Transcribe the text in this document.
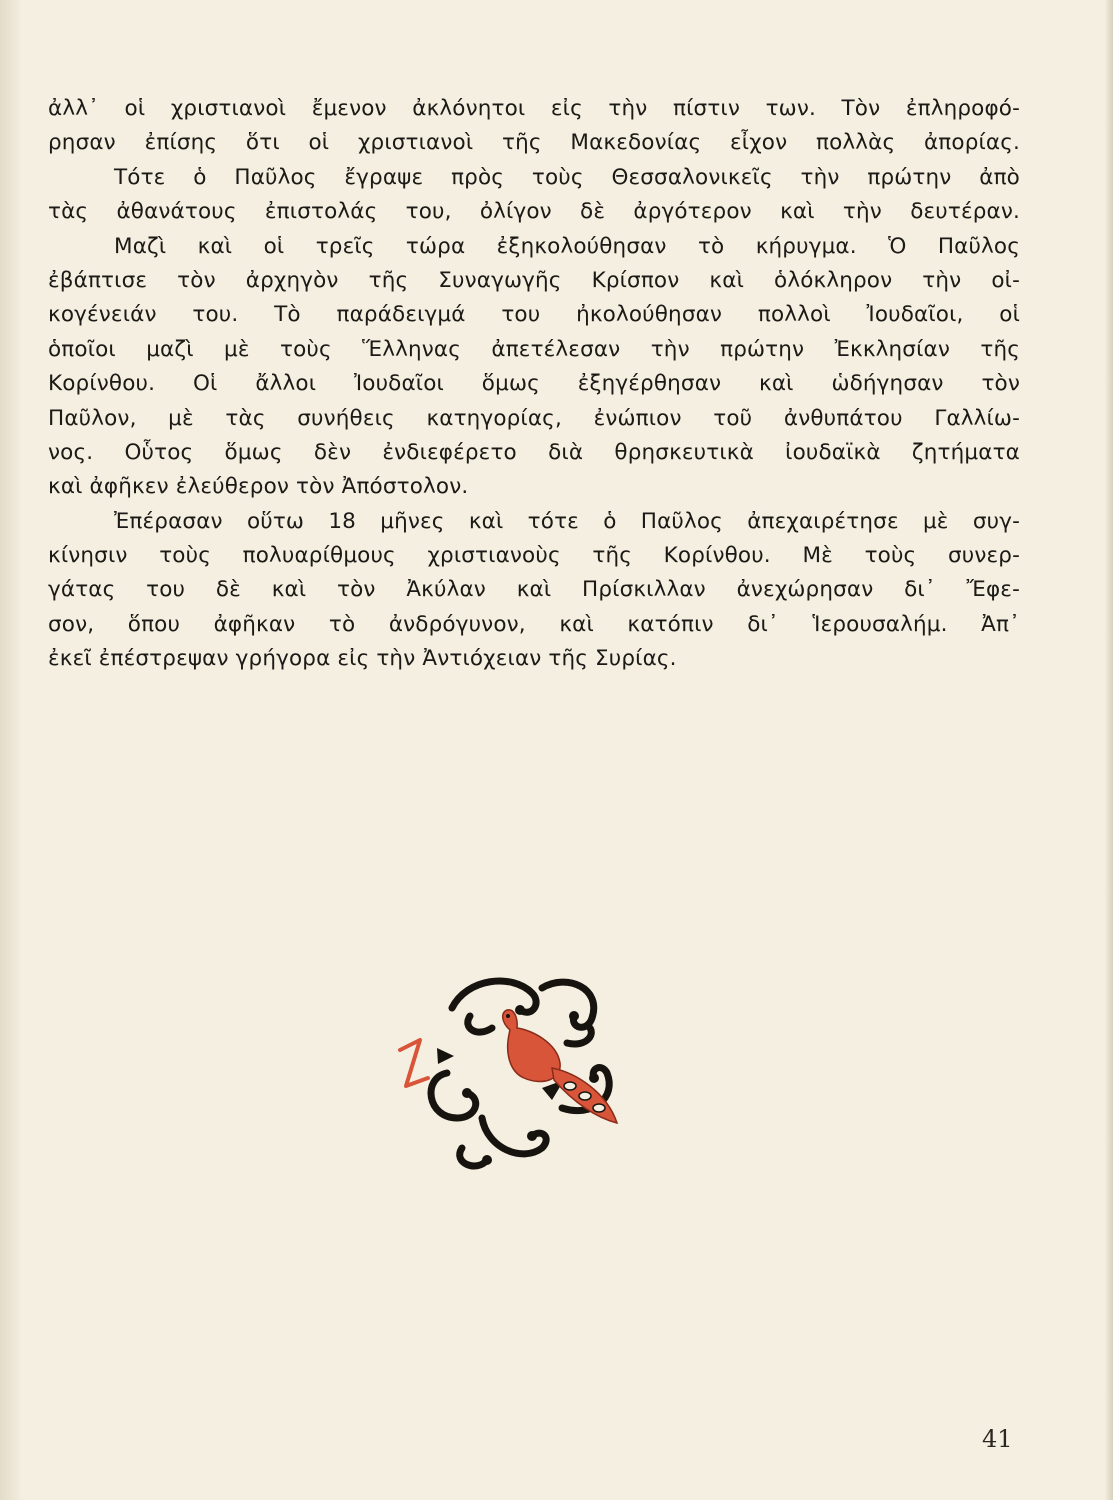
ἀλλ᾽ οἱ χριστιανοὶ ἔμενον ἀκλόνητοι εἰς τὴν πίστιν των. Τὸν ἐπληροφό-
ρησαν ἐπίσης ὅτι οἱ χριστιανοὶ τῆς Μακεδονίας εἶχον πολλὰς ἀπορίας.
Τότε ὁ Παῦλος ἔγραψε πρὸς τοὺς Θεσσαλονικεῖς τὴν πρώτην ἀπὸ
τὰς ἀθανάτους ἐπιστολάς του, ὀλίγον δὲ ἀργότερον καὶ τὴν δευτέραν.
Μαζὶ καὶ οἱ τρεῖς τώρα ἐξηκολούθησαν τὸ κήρυγμα. Ὁ Παῦλος
ἐβάπτισε τὸν ἀρχηγὸν τῆς Συναγωγῆς Κρίσπον καὶ ὁλόκληρον τὴν οἰ-
κογένειάν του. Τὸ παράδειγμά του ἠκολούθησαν πολλοὶ Ἰουδαῖοι, οἱ
ὁποῖοι μαζὶ μὲ τοὺς Ἕλληνας ἀπετέλεσαν τὴν πρώτην Ἐκκλησίαν τῆς
Κορίνθου. Οἱ ἄλλοι Ἰουδαῖοι ὅμως ἐξηγέρθησαν καὶ ὡδήγησαν τὸν
Παῦλον, μὲ τὰς συνήθεις κατηγορίας, ἐνώπιον τοῦ ἀνθυπάτου Γαλλίω-
νος. Οὗτος ὅμως δὲν ἐνδιεφέρετο διὰ θρησκευτικὰ ἰουδαϊκὰ ζητήματα
καὶ ἀφῆκεν ἐλεύθερον τὸν Ἀπόστολον.
Ἐπέρασαν οὕτω 18 μῆνες καὶ τότε ὁ Παῦλος ἀπεχαιρέτησε μὲ συγ-
κίνησιν τοὺς πολυαρίθμους χριστιανοὺς τῆς Κορίνθου. Μὲ τοὺς συνερ-
γάτας του δὲ καὶ τὸν Ἀκύλαν καὶ Πρίσκιλλαν ἀνεχώρησαν δι᾽ Ἔφε-
σον, ὅπου ἀφῆκαν τὸ ἀνδρόγυνον, καὶ κατόπιν δι᾽ Ἱερουσαλήμ. Ἀπ᾽
ἐκεῖ ἐπέστρεψαν γρήγορα εἰς τὴν Ἀντιόχειαν τῆς Συρίας.
41
